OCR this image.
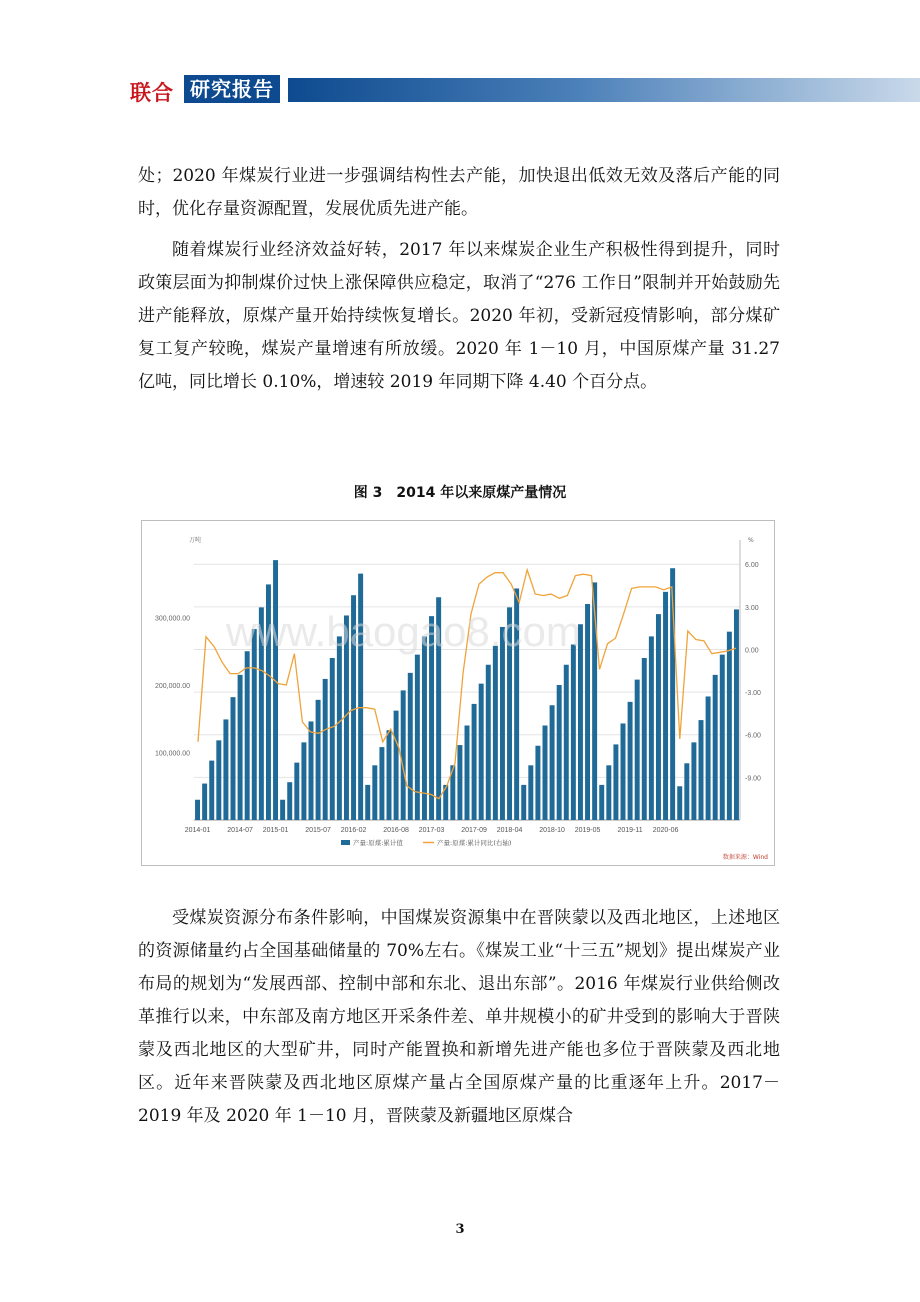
联合 研究报告

处；2020 年煤炭行业进一步强调结构性去产能，加快退出低效无效及落后产能的同时，优化存量资源配置，发展优质先进产能。

随着煤炭行业经济效益好转，2017 年以来煤炭企业生产积极性得到提升，同时政策层面为抑制煤价过快上涨保障供应稳定，取消了“276 工作日”限制并开始鼓励先进产能释放，原煤产量开始持续恢复增长。2020 年初，受新冠疫情影响，部分煤矿复工复产较晚，煤炭产量增速有所放缓。2020 年 1－10 月，中国原煤产量 31.27 亿吨，同比增长 0.10%，增速较 2019 年同期下降 4.40 个百分点。

图 3　2014 年以来原煤产量情况
6.00
3.00
0.00
-3.00
-6.00
-9.00
100,000.00
200,000.00
300,000.00
万吨	%
2014-01 2014-07 2015-01 2015-07 2016-02 2016-08 2017-03 2017-09 2018-04 2018-10 2019-05 2019-11 2020-06
www.baogao8.com
产量:原煤:累计值	产量:原煤:累计同比(右轴)
数据来源：Wind

受煤炭资源分布条件影响，中国煤炭资源集中在晋陕蒙以及西北地区，上述地区的资源储量约占全国基础储量的 70%左右。《煤炭工业“十三五”规划》提出煤炭产业布局的规划为“发展西部、控制中部和东北、退出东部”。2016 年煤炭行业供给侧改革推行以来，中东部及南方地区开采条件差、单井规模小的矿井受到的影响大于晋陕蒙及西北地区的大型矿井，同时产能置换和新增先进产能也多位于晋陕蒙及西北地区。近年来晋陕蒙及西北地区原煤产量占全国原煤产量的比重逐年上升。2017－2019 年及 2020 年 1－10 月，晋陕蒙及新疆地区原煤合

3
